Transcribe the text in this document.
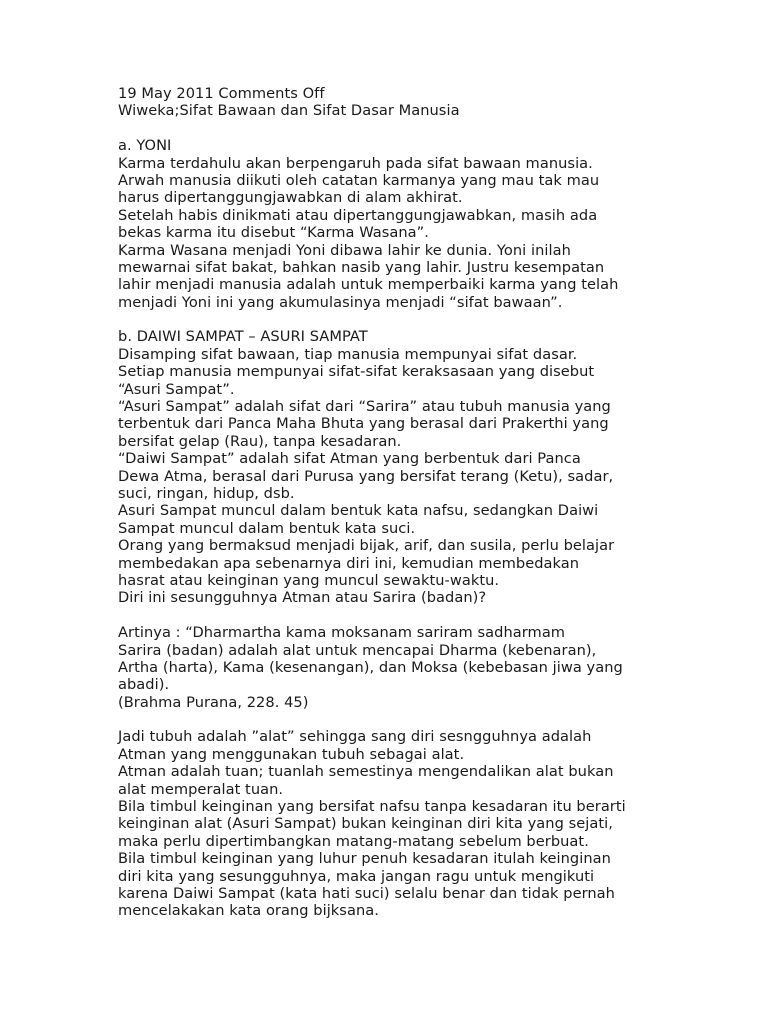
19 May 2011 Comments Off
Wiweka;Sifat Bawaan dan Sifat Dasar Manusia
a. YONI
Karma terdahulu akan berpengaruh pada sifat bawaan manusia.
Arwah manusia diikuti oleh catatan karmanya yang mau tak mau
harus dipertanggungjawabkan di alam akhirat.
Setelah habis dinikmati atau dipertanggungjawabkan, masih ada
bekas karma itu disebut “Karma Wasana”.
Karma Wasana menjadi Yoni dibawa lahir ke dunia. Yoni inilah
mewarnai sifat bakat, bahkan nasib yang lahir. Justru kesempatan
lahir menjadi manusia adalah untuk memperbaiki karma yang telah
menjadi Yoni ini yang akumulasinya menjadi “sifat bawaan”.
b. DAIWI SAMPAT – ASURI SAMPAT
Disamping sifat bawaan, tiap manusia mempunyai sifat dasar.
Setiap manusia mempunyai sifat-sifat keraksasaan yang disebut
“Asuri Sampat”.
“Asuri Sampat” adalah sifat dari “Sarira” atau tubuh manusia yang
terbentuk dari Panca Maha Bhuta yang berasal dari Prakerthi yang
bersifat gelap (Rau), tanpa kesadaran.
“Daiwi Sampat” adalah sifat Atman yang berbentuk dari Panca
Dewa Atma, berasal dari Purusa yang bersifat terang (Ketu), sadar,
suci, ringan, hidup, dsb.
Asuri Sampat muncul dalam bentuk kata nafsu, sedangkan Daiwi
Sampat muncul dalam bentuk kata suci.
Orang yang bermaksud menjadi bijak, arif, dan susila, perlu belajar
membedakan apa sebenarnya diri ini, kemudian membedakan
hasrat atau keinginan yang muncul sewaktu-waktu.
Diri ini sesungguhnya Atman atau Sarira (badan)?
Artinya : “Dharmartha kama moksanam sariram sadharmam
Sarira (badan) adalah alat untuk mencapai Dharma (kebenaran),
Artha (harta), Kama (kesenangan), dan Moksa (kebebasan jiwa yang
abadi).
(Brahma Purana, 228. 45)
Jadi tubuh adalah ”alat” sehingga sang diri sesngguhnya adalah
Atman yang menggunakan tubuh sebagai alat.
Atman adalah tuan; tuanlah semestinya mengendalikan alat bukan
alat memperalat tuan.
Bila timbul keinginan yang bersifat nafsu tanpa kesadaran itu berarti
keinginan alat (Asuri Sampat) bukan keinginan diri kita yang sejati,
maka perlu dipertimbangkan matang-matang sebelum berbuat.
Bila timbul keinginan yang luhur penuh kesadaran itulah keinginan
diri kita yang sesungguhnya, maka jangan ragu untuk mengikuti
karena Daiwi Sampat (kata hati suci) selalu benar dan tidak pernah
mencelakakan kata orang bijksana.
